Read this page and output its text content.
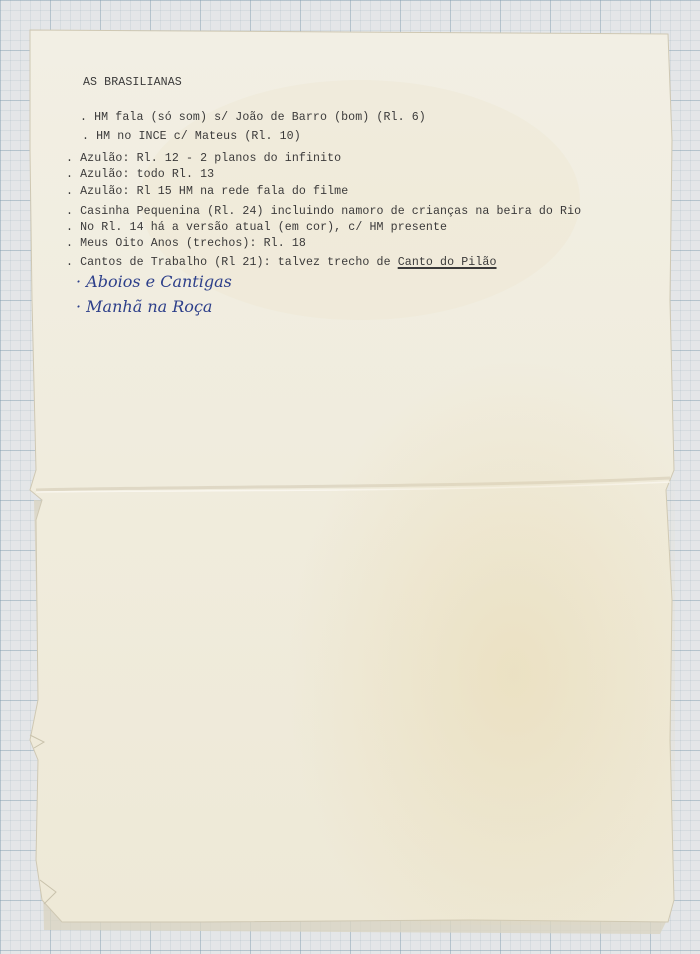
AS BRASILIANAS
. HM fala (só som) s/ João de Barro (bom) (Rl. 6)
. HM no INCE c/ Mateus (Rl. 10)
. Azulão: Rl. 12 - 2 planos do infinito
. Azulão: todo Rl. 13
. Azulão: Rl 15 HM na rede fala do filme
. Casinha Pequenina (Rl. 24) incluindo namoro de crianças na beira do Rio
. No Rl. 14 há a versão atual (em cor), c/ HM presente
. Meus Oito Anos (trechos): Rl. 18
. Cantos de Trabalho (Rl 21): talvez trecho de Canto do Pilão
· Aboios e Cantigas
· Manhã na Roça
